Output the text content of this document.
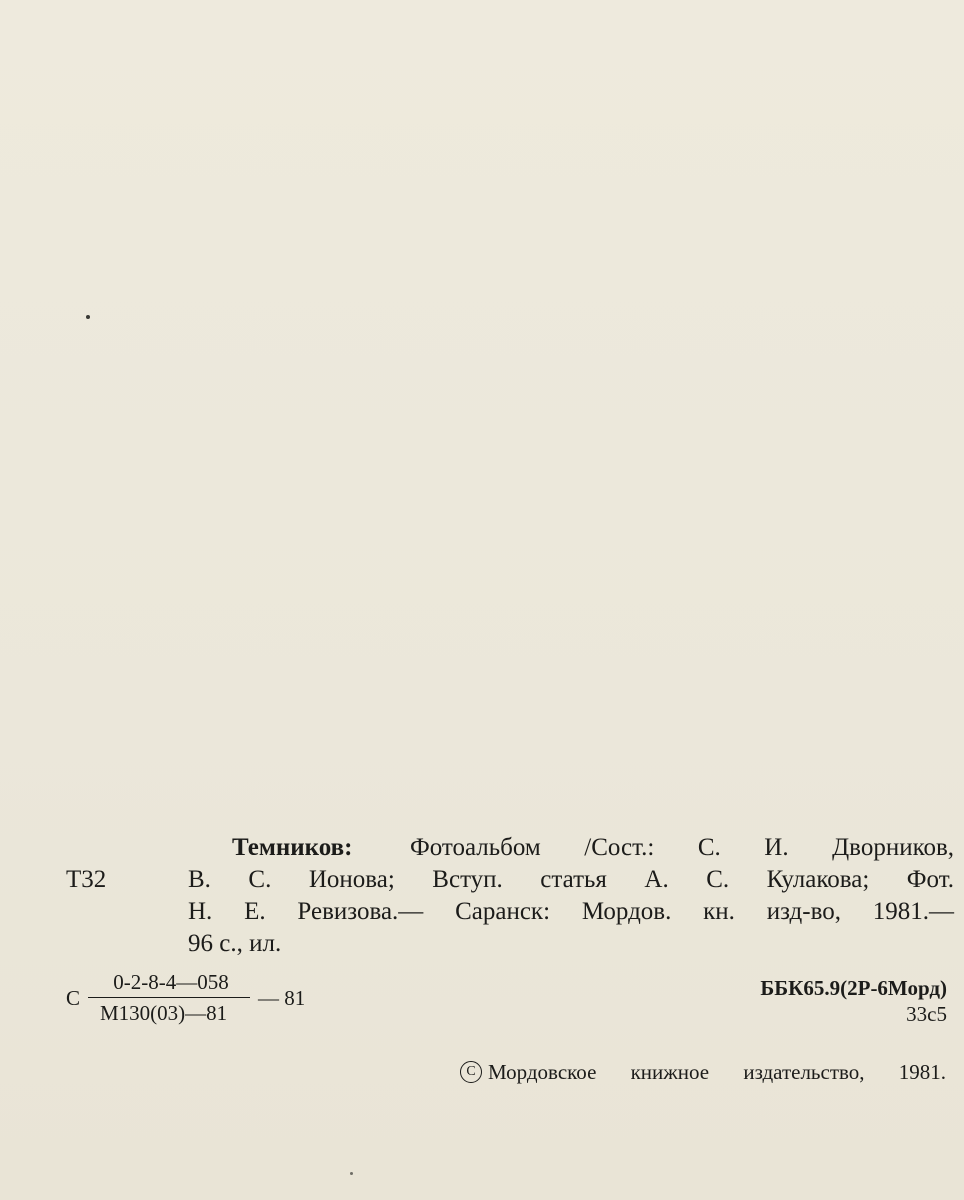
Темников: Фотоальбом /Сост.: С. И. Дворников,
Т32	В. С. Ионова; Вступ. статья А. С. Кулакова; Фот.
Н. Е. Ревизова.— Саранск: Мордов. кн. изд-во, 1981.—
96 с., ил.
С
0-2-8-4—058
М130(03)—81
— 81	ББК65.9(2Р-6Морд)
33с5
C Мордовское книжное издательство, 1981.
